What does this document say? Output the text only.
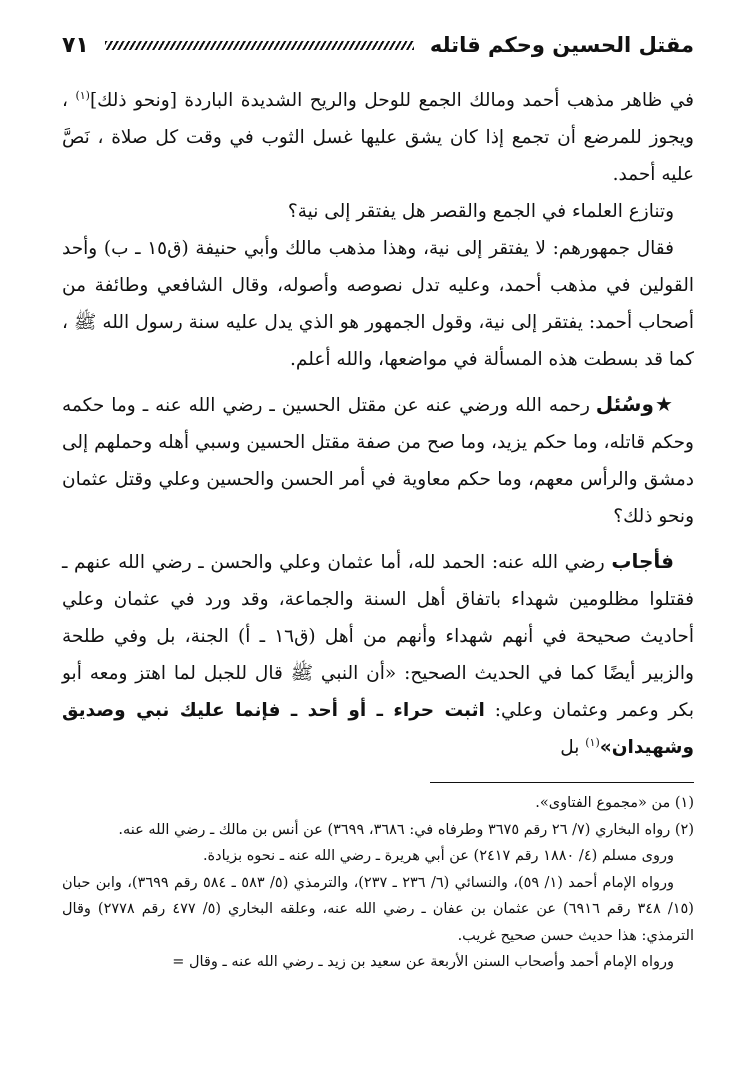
مقتل الحسين وحكم قاتله
٧١

في ظاهر مذهب أحمد ومالك الجمع للوحل والريح الشديدة الباردة [ونحو ذلك]$^{(١)}$ ، ويجوز للمرضع أن تجمع إذا كان يشق عليها غسل الثوب في وقت كل صلاة ، نَصَّ عليه أحمد.

وتنازع العلماء في الجمع والقصر هل يفتقر إلى نية؟

فقال جمهورهم: لا يفتقر إلى نية، وهذا مذهب مالك وأبي حنيفة (ق١٥ ـ ب) وأحد القولين في مذهب أحمد، وعليه تدل نصوصه وأصوله، وقال الشافعي وطائفة من أصحاب أحمد: يفتقر إلى نية، وقول الجمهور هو الذي يدل عليه سنة رسول الله ﷺ ، كما قد بسطت هذه المسألة في مواضعها، والله أعلم.

★وسُئل رحمه الله ورضي عنه عن مقتل الحسين ـ رضي الله عنه ـ وما حكمه وحكم قاتله، وما حكم يزيد، وما صح من صفة مقتل الحسين وسبي أهله وحملهم إلى دمشق والرأس معهم، وما حكم معاوية في أمر الحسن والحسين وعلي وقتل عثمان ونحو ذلك؟

فأجاب رضي الله عنه: الحمد لله، أما عثمان وعلي والحسن ـ رضي الله عنهم ـ فقتلوا مظلومين شهداء باتفاق أهل السنة والجماعة، وقد ورد في عثمان وعلي أحاديث صحيحة في أنهم شهداء وأنهم من أهل (ق١٦ ـ أ) الجنة، بل وفي طلحة والزبير أيضًا كما في الحديث الصحيح: «أن النبي ﷺ قال للجبل لما اهتز ومعه أبو بكر وعمر وعثمان وعلي: اثبت حراء ـ أو أحد ـ فإنما عليك نبي وصديق وشهيدان»$^{(١)}$ بل

(١) من «مجموع الفتاوى».

(٢) رواه البخاري (٧/ ٢٦ رقم ٣٦٧٥ وطرفاه في: ٣٦٨٦، ٣٦٩٩) عن أنس بن مالك ـ رضي الله عنه.

وروى مسلم (٤/ ١٨٨٠ رقم ٢٤١٧) عن أبي هريرة ـ رضي الله عنه ـ نحوه بزيادة.

ورواه الإمام أحمد (١/ ٥٩)، والنسائي (٦/ ٢٣٦ ـ ٢٣٧)، والترمذي (٥/ ٥٨٣ ـ ٥٨٤ رقم ٣٦٩٩)، وابن حبان (١٥/ ٣٤٨ رقم ٦٩١٦) عن عثمان بن عفان ـ رضي الله عنه، وعلقه البخاري (٥/ ٤٧٧ رقم ٢٧٧٨) وقال الترمذي: هذا حديث حسن صحيح غريب.

ورواه الإمام أحمد وأصحاب السنن الأربعة عن سعيد بن زيد ـ رضي الله عنه ـ وقال =
